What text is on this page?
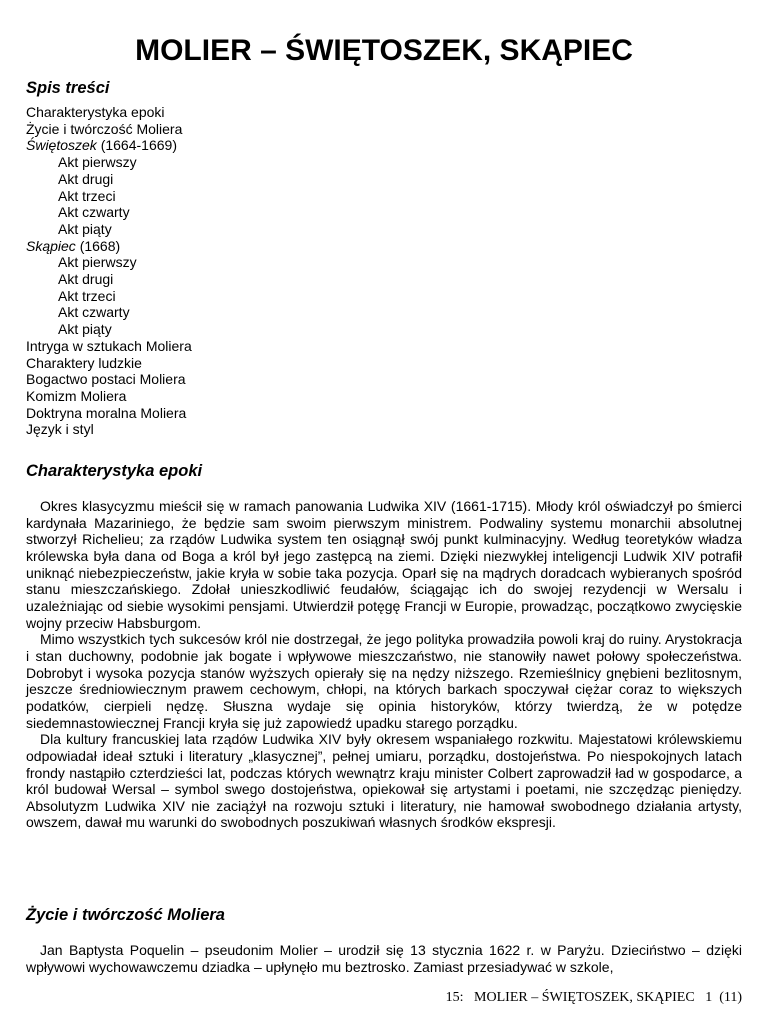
MOLIER – ŚWIĘTOSZEK, SKĄPIEC
Spis treści
Charakterystyka epoki
Życie i twórczość Moliera
Świętoszek (1664-1669)
Akt pierwszy
Akt drugi
Akt trzeci
Akt czwarty
Akt piąty
Skąpiec (1668)
Akt pierwszy
Akt drugi
Akt trzeci
Akt czwarty
Akt piąty
Intryga w sztukach Moliera
Charaktery ludzkie
Bogactwo postaci Moliera
Komizm Moliera
Doktryna moralna Moliera
Język i styl
Charakterystyka epoki

Okres klasycyzmu mieścił się w ramach panowania Ludwika XIV (1661-1715). Młody król oświadczył po śmierci kardynała Mazariniego, że będzie sam swoim pierwszym ministrem. Podwaliny systemu monarchii absolutnej stworzył Richelieu; za rządów Ludwika system ten osiągnął swój punkt kulminacyjny. Według teoretyków władza królewska była dana od Boga a król był jego zastępcą na ziemi. Dzięki niezwykłej inteligencji Ludwik XIV potrafił uniknąć niebezpieczeństw, jakie kryła w sobie taka pozycja. Oparł się na mądrych doradcach wybieranych spośród stanu mieszczańskiego. Zdołał unieszkodliwić feudałów, ściągając ich do swojej rezydencji w Wersalu i uzależniając od siebie wysokimi pensjami. Utwierdził potęgę Francji w Europie, prowadząc, początkowo zwycięskie wojny przeciw Habsburgom.

Mimo wszystkich tych sukcesów król nie dostrzegał, że jego polityka prowadziła powoli kraj do ruiny. Arystokracja i stan duchowny, podobnie jak bogate i wpływowe mieszczaństwo, nie stanowiły nawet połowy społeczeństwa. Dobrobyt i wysoka pozycja stanów wyższych opierały się na nędzy niższego. Rzemieślnicy gnębieni bezlitosnym, jeszcze średniowiecznym prawem cechowym, chłopi, na których barkach spoczywał ciężar coraz to większych podatków, cierpieli nędzę. Słuszna wydaje się opinia historyków, którzy twierdzą, że w potędze siedemnastowiecznej Francji kryła się już zapowiedź upadku starego porządku.

Dla kultury francuskiej lata rządów Ludwika XIV były okresem wspaniałego rozkwitu. Majestatowi królewskiemu odpowiadał ideał sztuki i literatury „klasycznej”, pełnej umiaru, porządku, dostojeństwa. Po niespokojnych latach frondy nastąpiło czterdzieści lat, podczas których wewnątrz kraju minister Colbert zaprowadził ład w gospodarce, a król budował Wersal – symbol swego dostojeństwa, opiekował się artystami i poetami, nie szczędząc pieniędzy. Absolutyzm Ludwika XIV nie zaciążył na rozwoju sztuki i literatury, nie hamował swobodnego działania artysty, owszem, dawał mu warunki do swobodnych poszukiwań własnych środków ekspresji.

Życie i twórczość Moliera

Jan Baptysta Poquelin – pseudonim Molier – urodził się 13 stycznia 1622 r. w Paryżu. Dzieciństwo – dzięki wpływowi wychowawczemu dziadka – upłynęło mu beztrosko. Zamiast przesiadywać w szkole,

15:   MOLIER – ŚWIĘTOSZEK, SKĄPIEC   1  (11)
